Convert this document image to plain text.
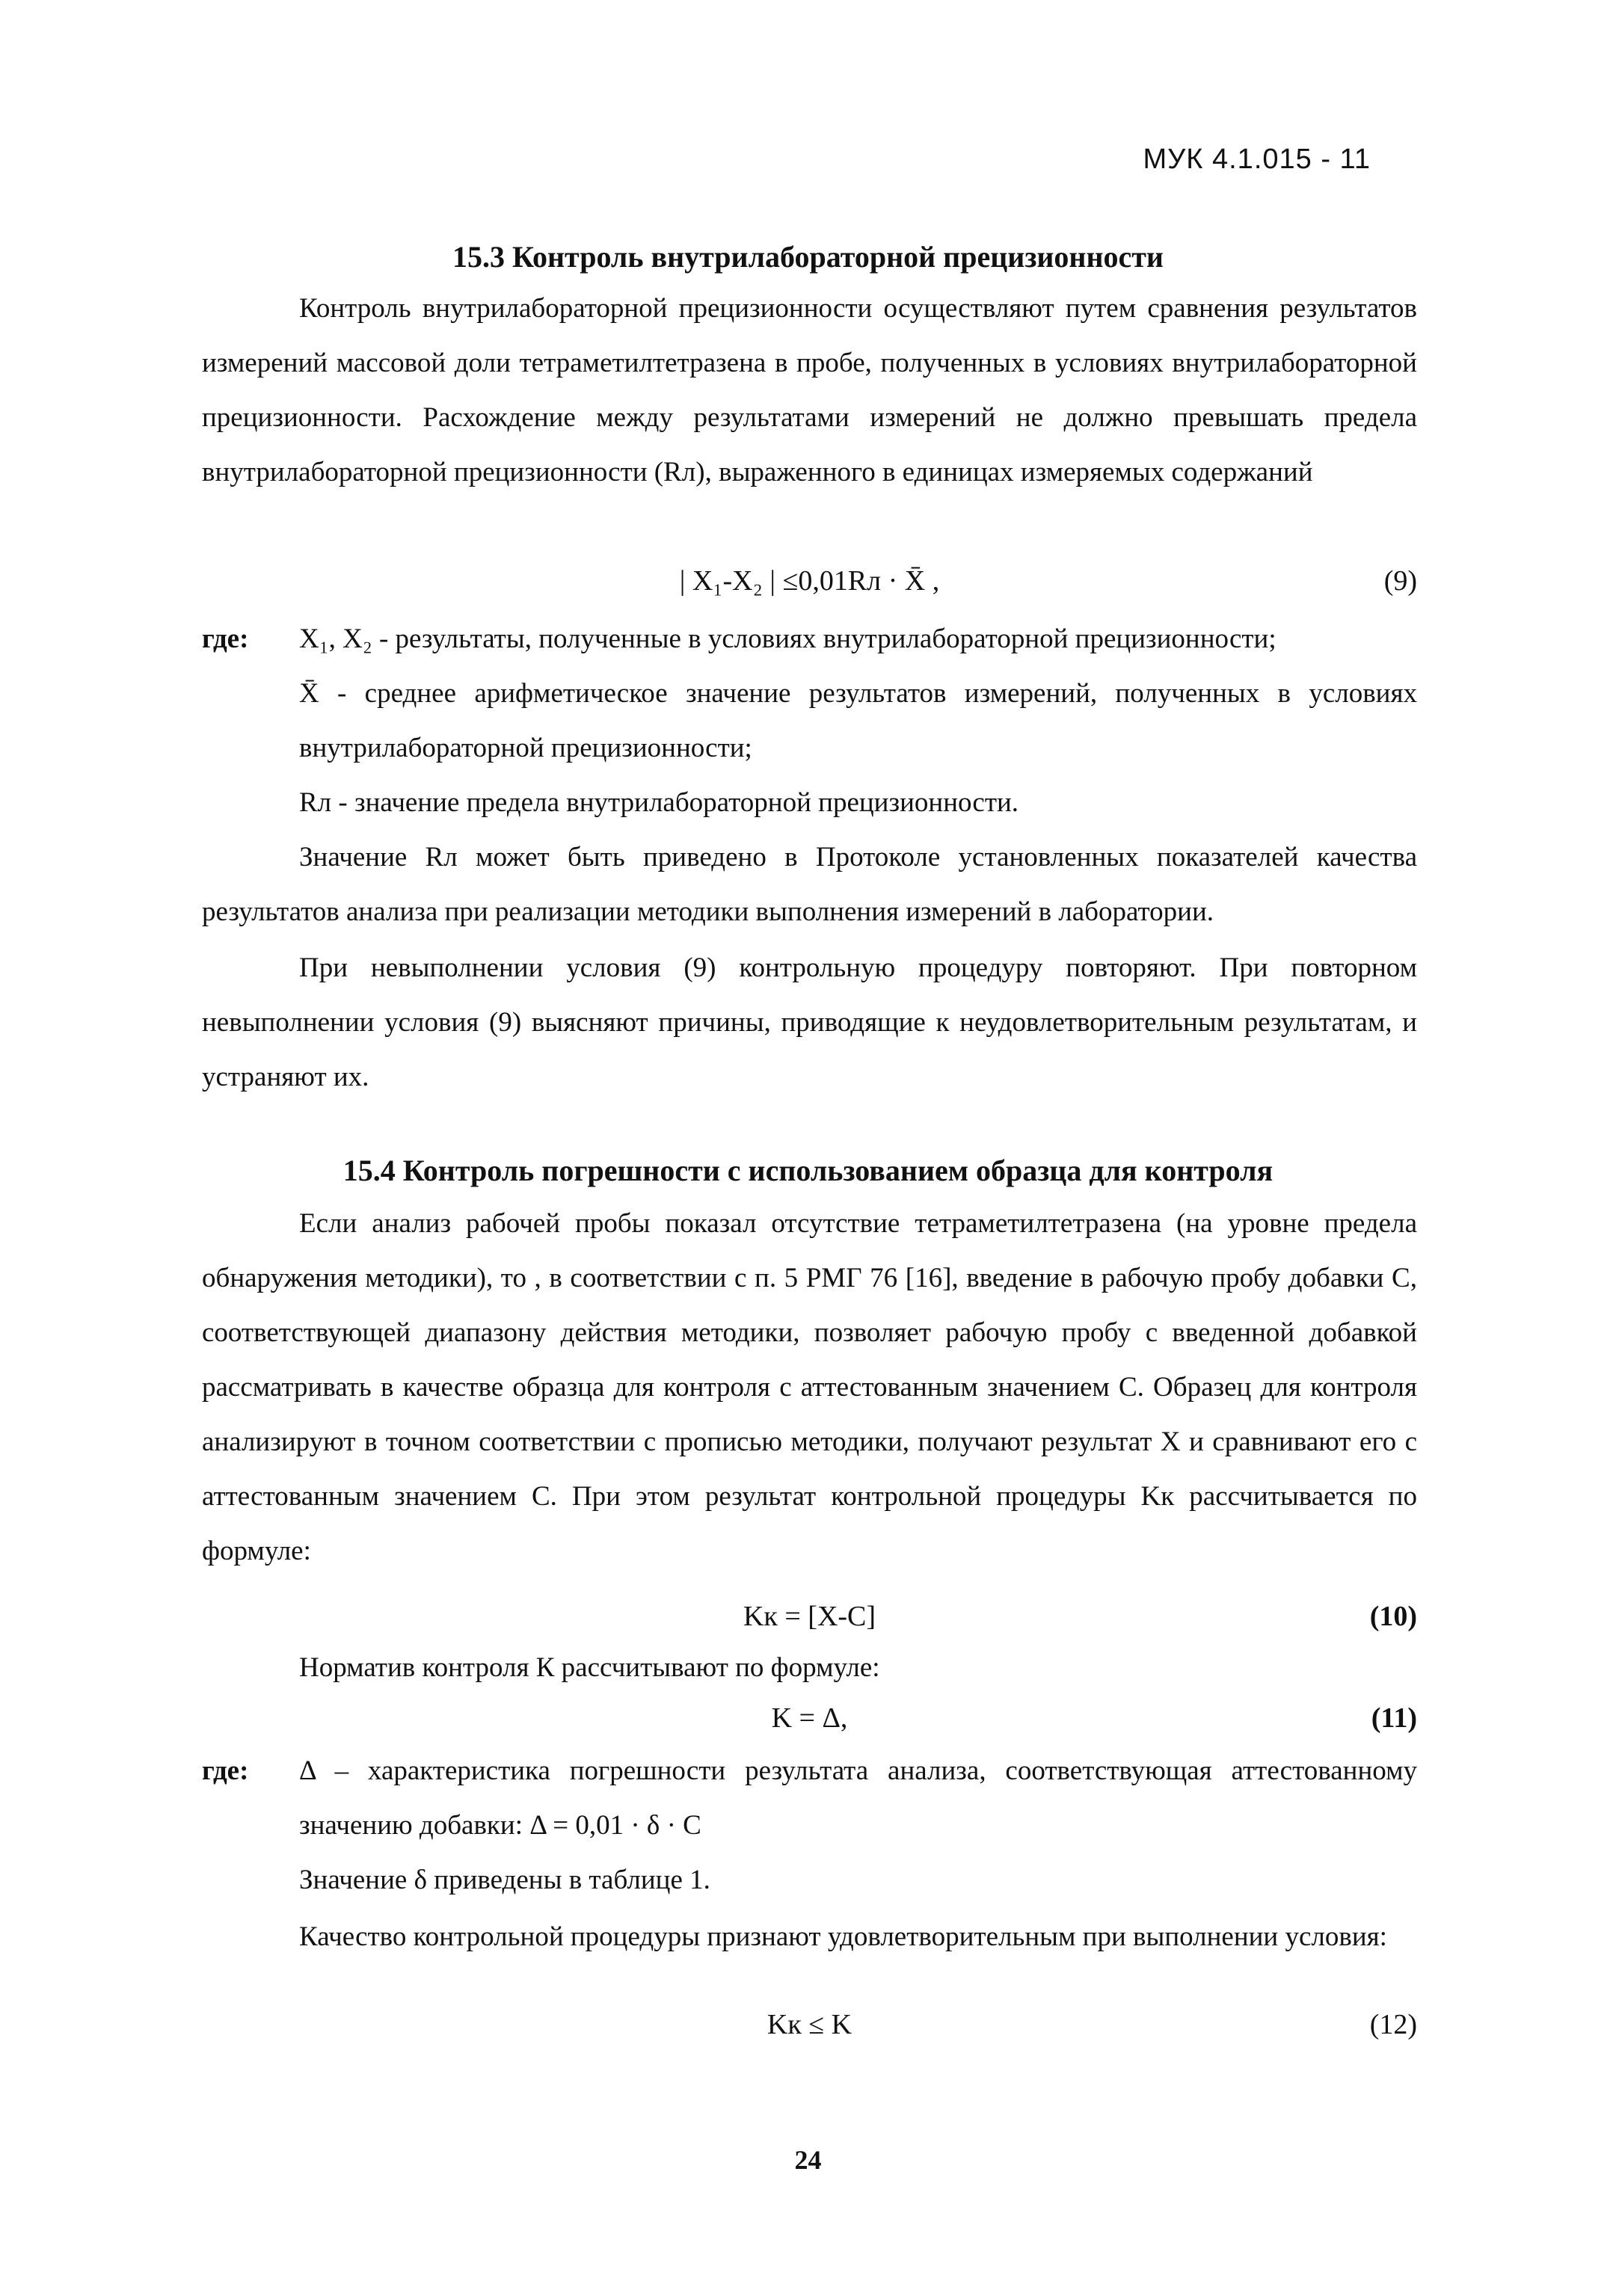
МУК 4.1.015 - 11
15.3 Контроль внутрилабораторной прецизионности

Контроль внутрилабораторной прецизионности осуществляют путем сравнения результатов измерений массовой доли тетраметилтетразена в пробе, полученных в условиях внутрилабораторной прецизионности. Расхождение между результатами измерений не должно превышать предела внутрилабораторной прецизионности (Rл), выраженного в единицах измеряемых содержаний

| X₁-X₂ | ≤0,01Rл · X̄ ,	(9)
где: X₁, X₂ - результаты, полученные в условиях внутрилабораторной прецизионности;
X̄ - среднее арифметическое значение результатов измерений, полученных в условиях внутрилабораторной прецизионности;
Rл - значение предела внутрилабораторной прецизионности.

Значение Rл может быть приведено в Протоколе установленных показателей качества результатов анализа при реализации методики выполнения измерений в лаборатории.

При невыполнении условия (9) контрольную процедуру повторяют. При повторном невыполнении условия (9) выясняют причины, приводящие к неудовлетворительным результатам, и устраняют их.

15.4 Контроль погрешности с использованием образца для контроля

Если анализ рабочей пробы показал отсутствие тетраметилтетразена (на уровне предела обнаружения методики), то , в соответствии с п. 5 РМГ 76 [16], введение в рабочую пробу добавки С, соответствующей диапазону действия методики, позволяет рабочую пробу с введенной добавкой рассматривать в качестве образца для контроля с аттестованным значением С. Образец для контроля анализируют в точном соответствии с прописью методики, получают результат X и сравнивают его с аттестованным значением С. При этом результат контрольной процедуры Kк рассчитывается по формуле:

Kк = [X-C]	(10)

Норматив контроля К рассчитывают по формуле:

K = Δ,	(11)
где: Δ – характеристика погрешности результата анализа, соответствующая аттестованному значению добавки: Δ = 0,01 · δ · C

Значение δ приведены в таблице 1.

Качество контрольной процедуры признают удовлетворительным при выполнении условия:

Kк ≤ K	(12)
24
